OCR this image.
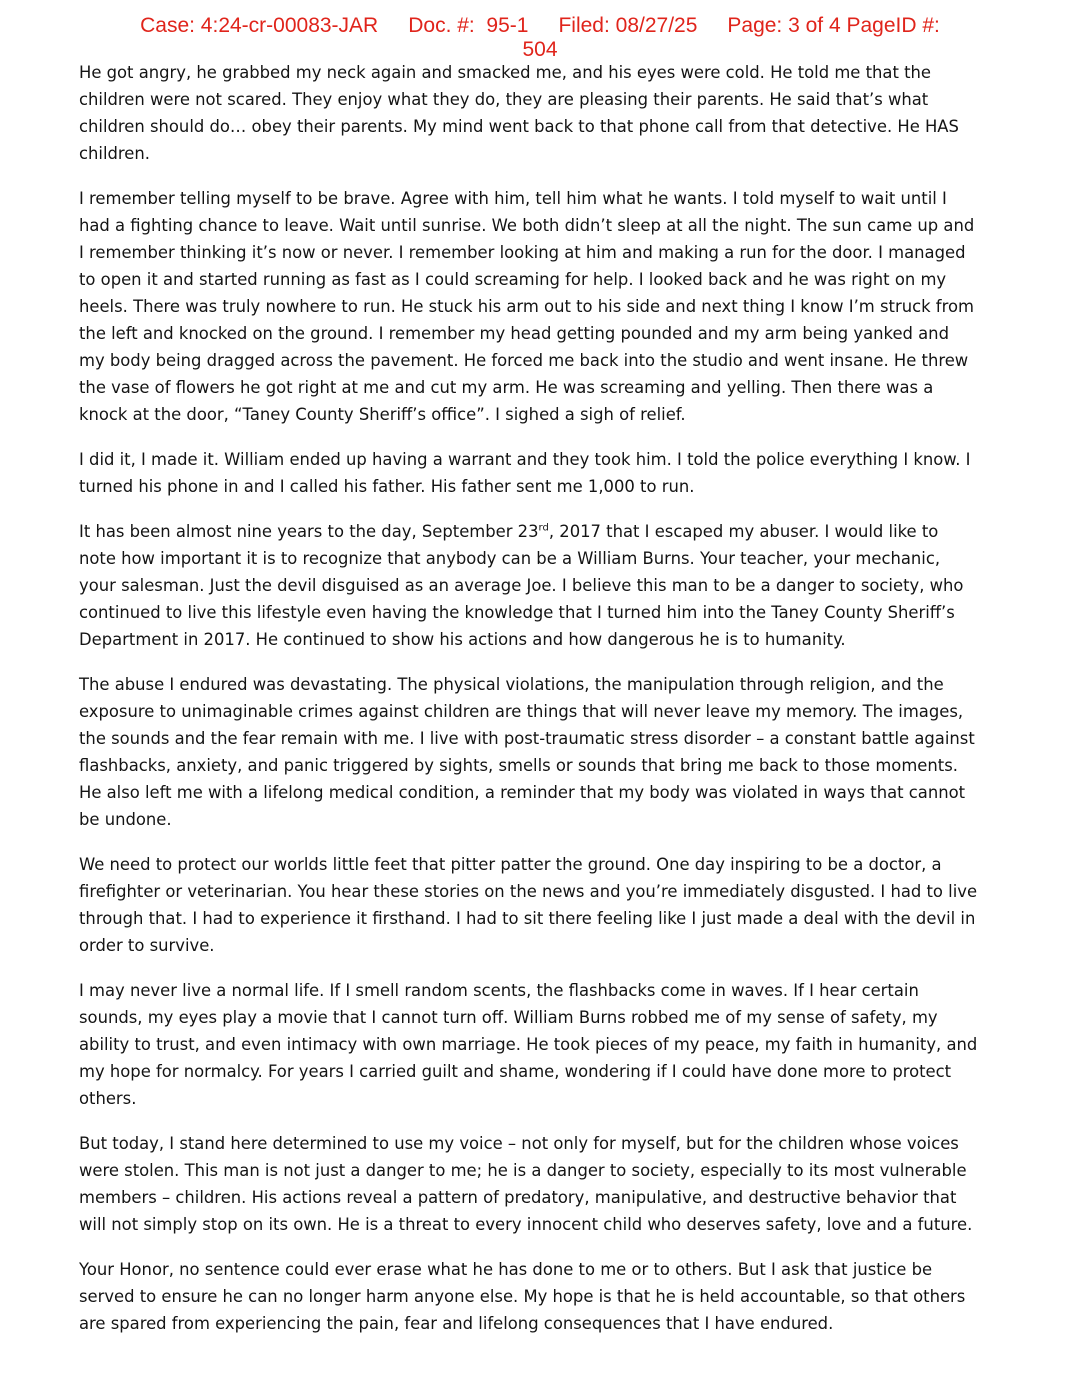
Case: 4:24-cr-00083-JAR Doc. #:  95-1 Filed: 08/27/25 Page: 3 of 4 PageID #:
504

He got angry, he grabbed my neck again and smacked me, and his eyes were cold. He told me that the children were not scared. They enjoy what they do, they are pleasing their parents. He said that’s what children should do… obey their parents. My mind went back to that phone call from that detective. He HAS children.

I remember telling myself to be brave. Agree with him, tell him what he wants. I told myself to wait until I had a fighting chance to leave. Wait until sunrise. We both didn’t sleep at all the night. The sun came up and I remember thinking it’s now or never. I remember looking at him and making a run for the door. I managed to open it and started running as fast as I could screaming for help. I looked back and he was right on my heels. There was truly nowhere to run. He stuck his arm out to his side and next thing I know I’m struck from the left and knocked on the ground. I remember my head getting pounded and my arm being yanked and my body being dragged across the pavement. He forced me back into the studio and went insane. He threw the vase of flowers he got right at me and cut my arm. He was screaming and yelling. Then there was a knock at the door, “Taney County Sheriff’s office”. I sighed a sigh of relief.

I did it, I made it. William ended up having a warrant and they took him. I told the police everything I know. I turned his phone in and I called his father. His father sent me 1,000 to run.

It has been almost nine years to the day, September 23rd, 2017 that I escaped my abuser. I would like to note how important it is to recognize that anybody can be a William Burns. Your teacher, your mechanic, your salesman. Just the devil disguised as an average Joe. I believe this man to be a danger to society, who continued to live this lifestyle even having the knowledge that I turned him into the Taney County Sheriff’s Department in 2017. He continued to show his actions and how dangerous he is to humanity.

The abuse I endured was devastating. The physical violations, the manipulation through religion, and the exposure to unimaginable crimes against children are things that will never leave my memory. The images, the sounds and the fear remain with me. I live with post-traumatic stress disorder – a constant battle against flashbacks, anxiety, and panic triggered by sights, smells or sounds that bring me back to those moments. He also left me with a lifelong medical condition, a reminder that my body was violated in ways that cannot be undone.

We need to protect our worlds little feet that pitter patter the ground. One day inspiring to be a doctor, a firefighter or veterinarian. You hear these stories on the news and you’re immediately disgusted. I had to live through that. I had to experience it firsthand. I had to sit there feeling like I just made a deal with the devil in order to survive.

I may never live a normal life. If I smell random scents, the flashbacks come in waves. If I hear certain sounds, my eyes play a movie that I cannot turn off. William Burns robbed me of my sense of safety, my ability to trust, and even intimacy with own marriage. He took pieces of my peace, my faith in humanity, and my hope for normalcy. For years I carried guilt and shame, wondering if I could have done more to protect others.

But today, I stand here determined to use my voice – not only for myself, but for the children whose voices were stolen. This man is not just a danger to me; he is a danger to society, especially to its most vulnerable members – children. His actions reveal a pattern of predatory, manipulative, and destructive behavior that will not simply stop on its own. He is a threat to every innocent child who deserves safety, love and a future.

Your Honor, no sentence could ever erase what he has done to me or to others. But I ask that justice be served to ensure he can no longer harm anyone else. My hope is that he is held accountable, so that others are spared from experiencing the pain, fear and lifelong consequences that I have endured.
